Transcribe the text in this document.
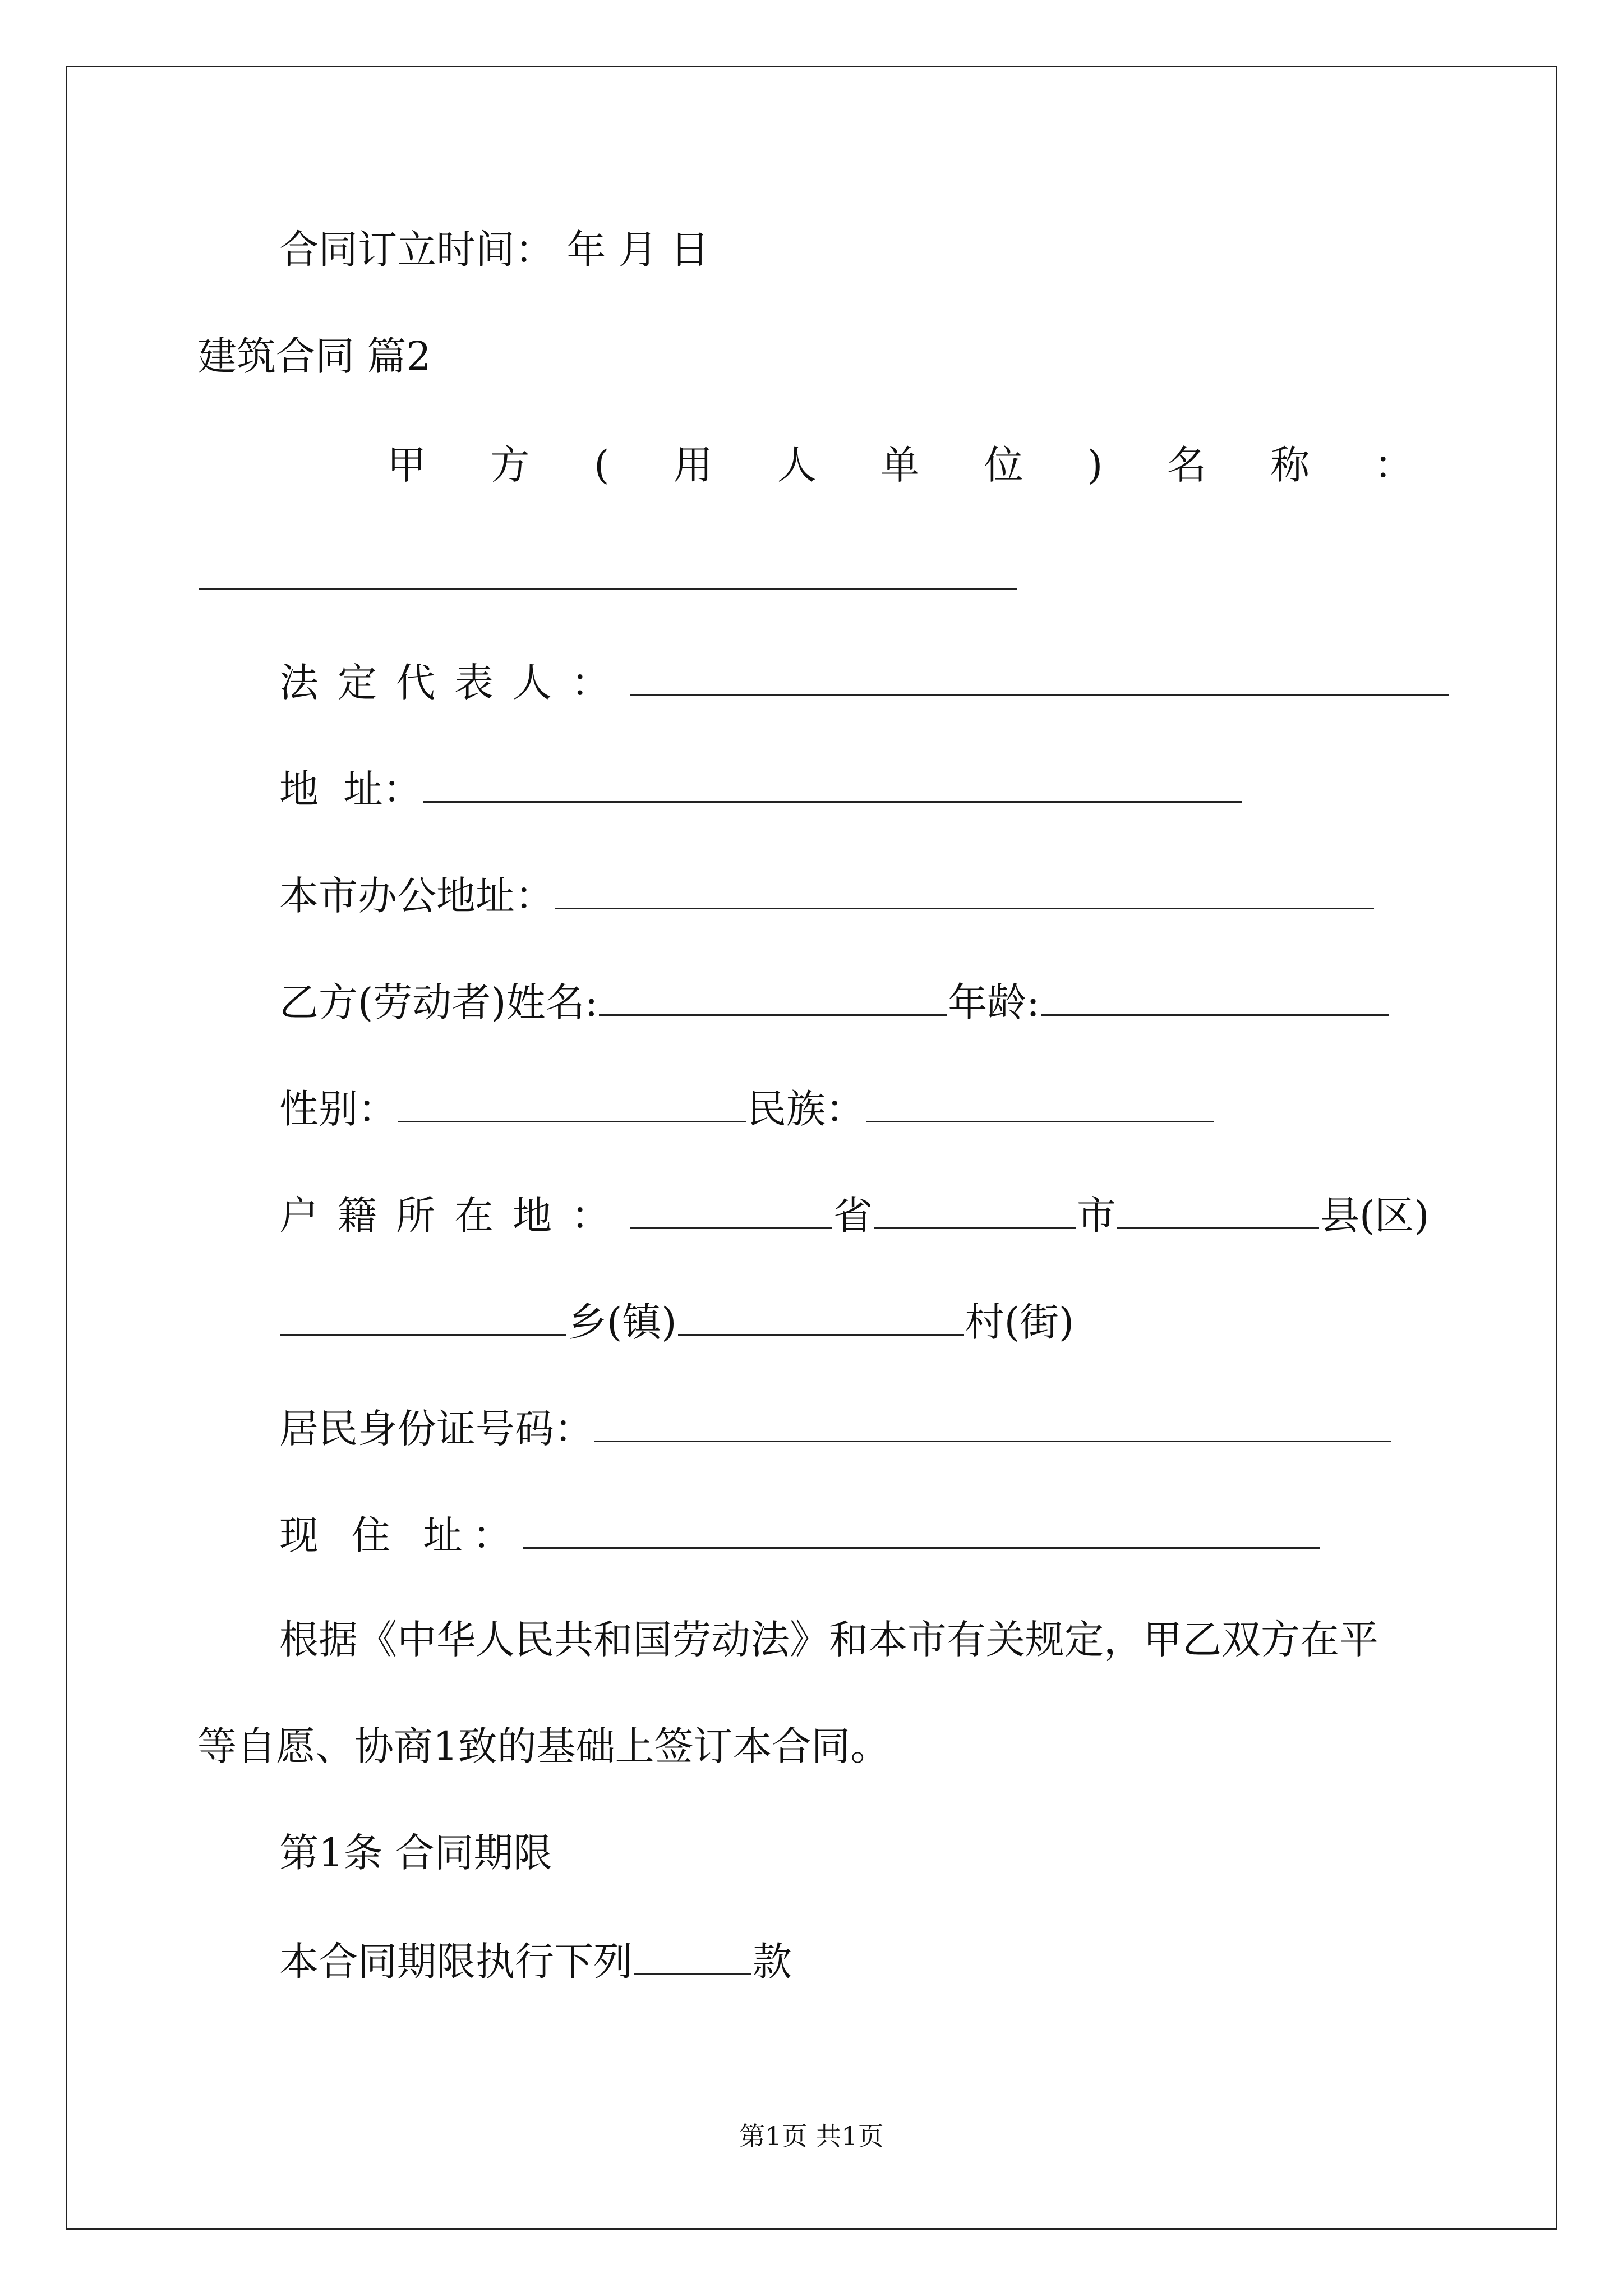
合同订立时间： 年 月 日
建筑合同 篇2
甲 方 ( 用 人 单 位 ) 名 称 ：
法定代表人：
地  址：
本市办公地址：
乙方(劳动者)姓名:	年龄:
性别：	民族：
户籍所在地：	省	市	县(区)
乡(镇)	村(街)
居民身份证号码：
现 住 址：
根据《中华人民共和国劳动法》和本市有关规定，甲乙双方在平
等自愿、协商1致的基础上签订本合同。
第1条 合同期限
本合同期限执行下列	款
第1页 共1页
